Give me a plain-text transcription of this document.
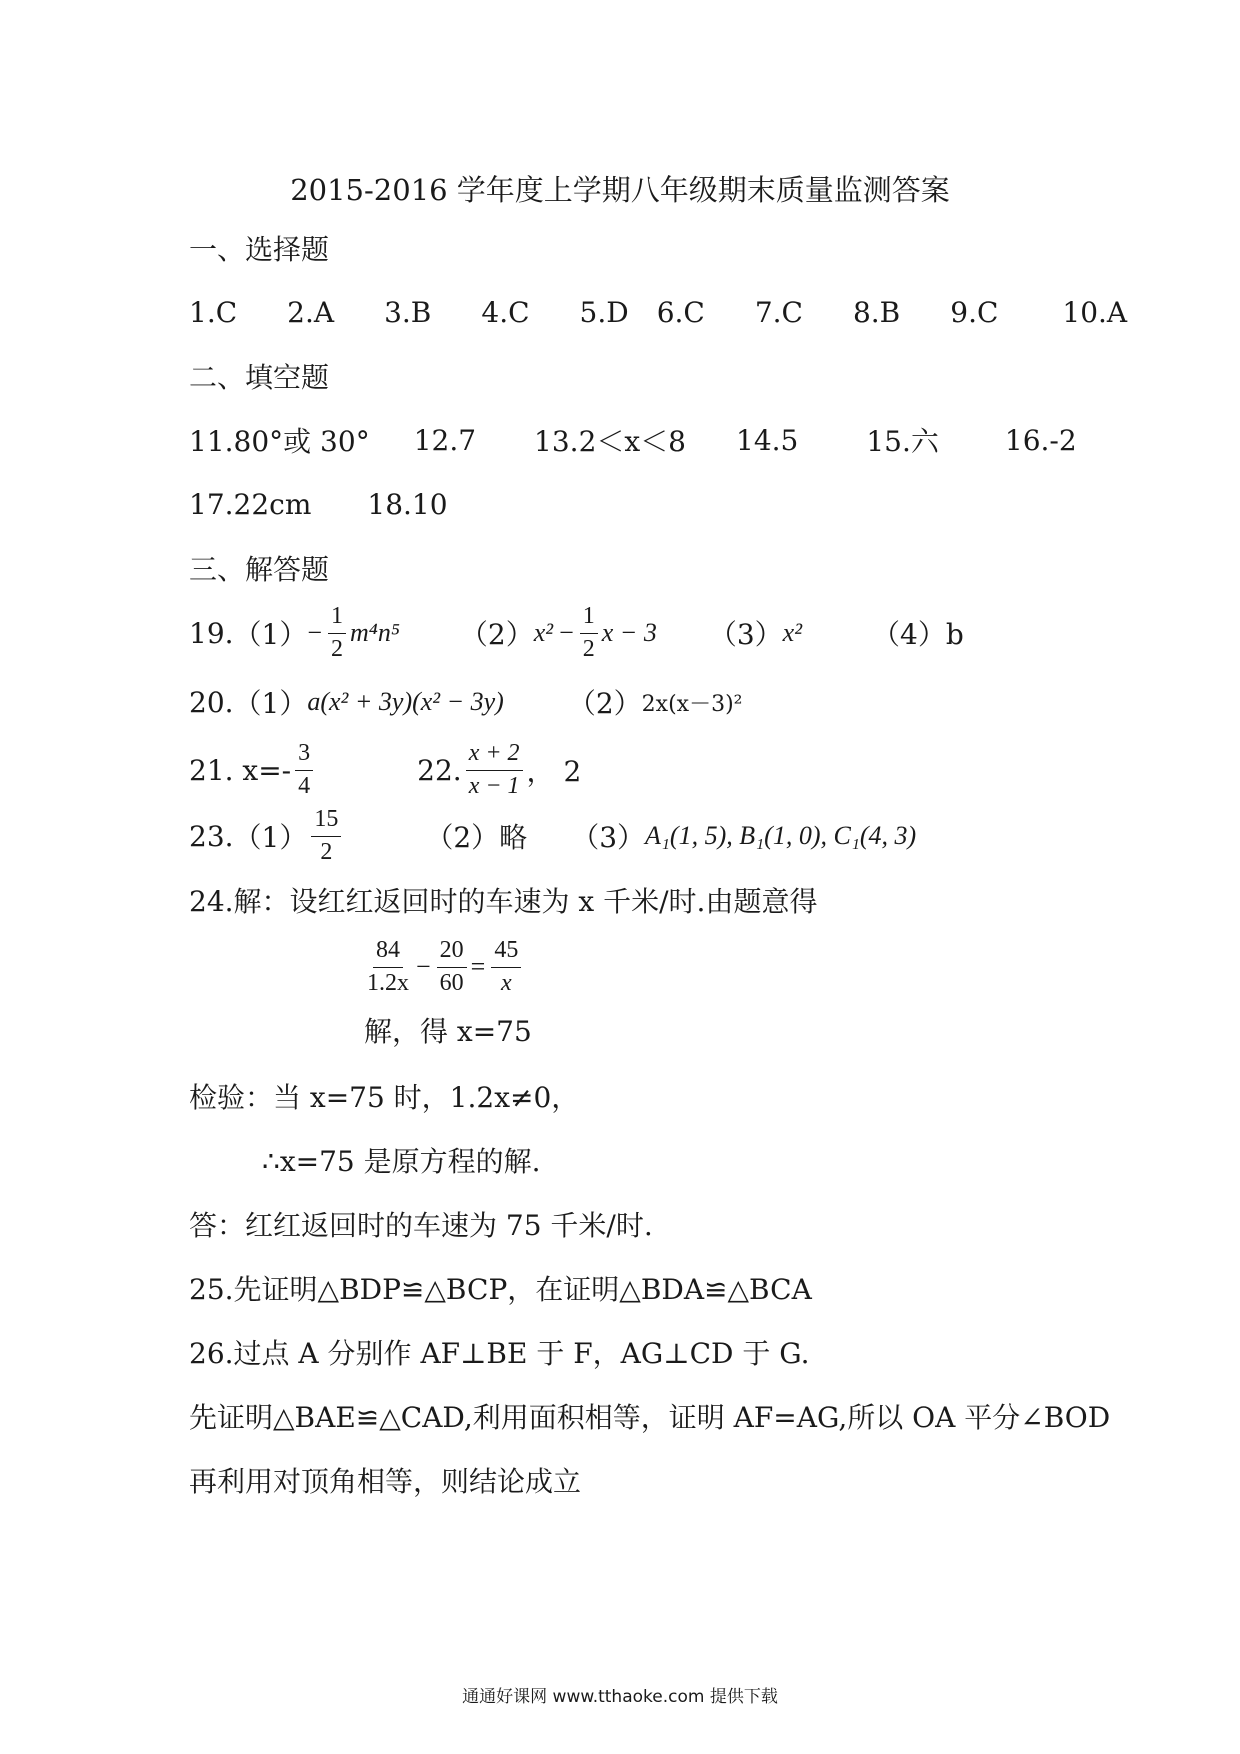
2015-2016 学年度上学期八年级期末质量监测答案
一、选择题
1.C 2.A 3.B 4.C 5.D 6.C 7.C 8.B 9.C 10.A
二、填空题
11.80°或 30° 12.7 13.2＜x＜8 14.5 15.六 16.-2
17.22cm 18.10
三、解答题
19. $(1) - \frac{1}{2} m^4n^5$ （2） $x^2 - \frac{1}{2}$ x − 3 （3） x²	（4）b
20. （1） a(x² + 3y)(x² − 3y) （2） 2x(x－3)²
21. $x=- \frac{3}{4}$	22. $\frac{x + 2}{x - 1}$ ， 2
23. $(1) \frac{15}{2}$	（2）略 （3） A₁(1, 5), B₁(1, 0), C₁(4, 3)
24.解：设红红返回时的车速为 x 千米/时.由题意得
$\frac{84}{1.2x} - \frac{20}{60} = \frac{45}{x}$
解，得 x=75
检验：当 x=75 时，1.2x≠0，
∴x=75 是原方程的解.
答：红红返回时的车速为 75 千米/时.
25.先证明△BDP≌△BCP，在证明△BDA≌△BCA
26.过点 A 分别作 AF⊥BE 于 F，AG⊥CD 于 G.
先证明△BAE≌△CAD,利用面积相等，证明 AF=AG,所以 OA 平分∠BOD
再利用对顶角相等，则结论成立
通通好课网 www.tthaoke.com 提供下载
